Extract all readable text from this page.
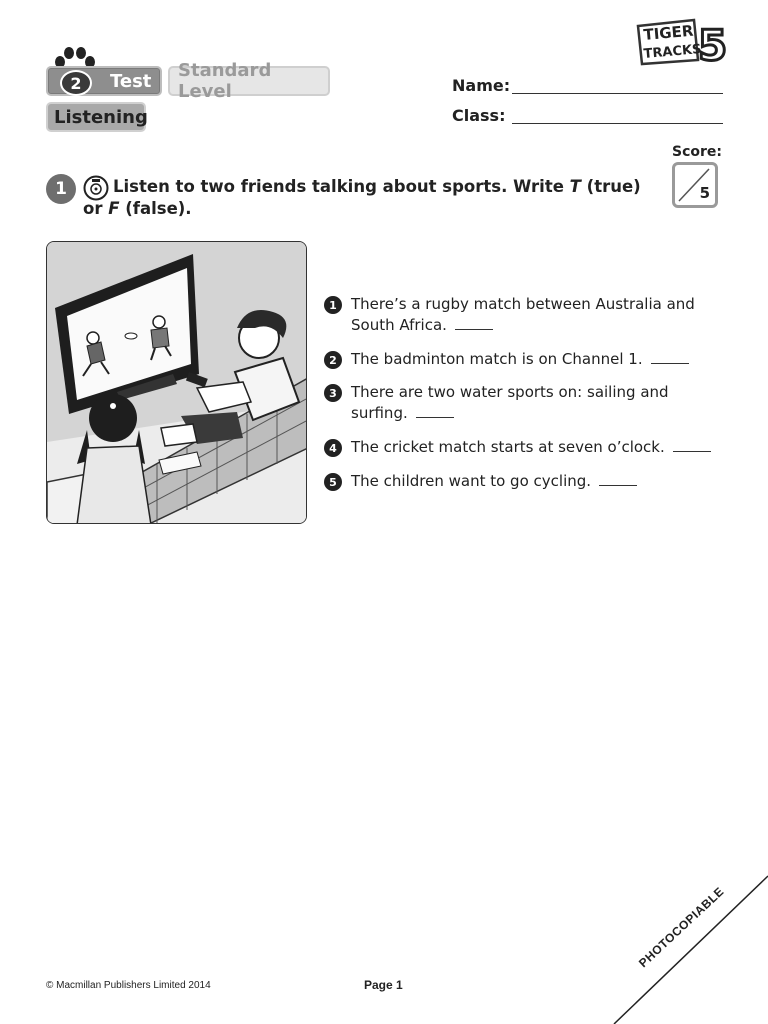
2	Test
Standard Level
Listening
TIGER
TRACKS
5
Name:
Class:
Score:
5
1	Listen to two friends talking about sports. Write T (true) or F (false).
1 There’s a rugby match between Australia and South Africa.
2 The badminton match is on Channel 1.
3 There are two water sports on: sailing and surfing.
4 The cricket match starts at seven o’clock.
5 The children want to go cycling.
© Macmillan Publishers Limited 2014	Page 1
PHOTOCOPIABLE
